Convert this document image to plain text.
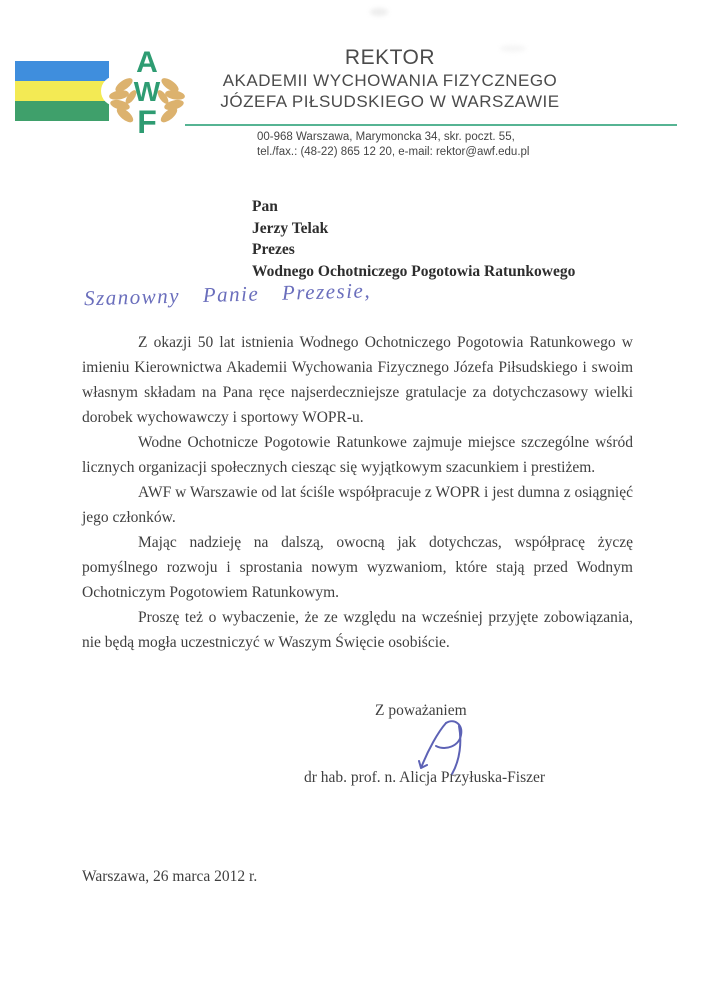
A
W
F
REKTOR
AKADEMII WYCHOWANIA FIZYCZNEGO
JÓZEFA PIŁSUDSKIEGO W WARSZAWIE
00-968 Warszawa, Marymoncka 34, skr. poczt. 55,
tel./fax.: (48-22) 865 12 20, e-mail: rektor@awf.edu.pl
Pan
Jerzy Telak
Prezes
Wodnego Ochotniczego Pogotowia Ratunkowego
Szanowny Panie Prezesie,

Z okazji 50 lat istnienia Wodnego Ochotniczego Pogotowia Ratunkowego w imieniu Kierownictwa Akademii Wychowania Fizycznego Józefa Piłsudskiego i swoim własnym składam na Pana ręce najserdeczniejsze gratulacje za dotychczasowy wielki dorobek wychowawczy i sportowy WOPR-u.

Wodne Ochotnicze Pogotowie Ratunkowe zajmuje miejsce szczególne wśród licznych organizacji społecznych ciesząc się wyjątkowym szacunkiem i prestiżem.

AWF w Warszawie od lat ściśle współpracuje z WOPR i jest dumna z osiągnięć jego członków.

Mając nadzieję na dalszą, owocną jak dotychczas, współpracę życzę pomyślnego rozwoju i sprostania nowym wyzwaniom, które stają przed Wodnym Ochotniczym Pogotowiem Ratunkowym.

Proszę też o wybaczenie, że ze względu na wcześniej przyjęte zobowiązania, nie będą mogła uczestniczyć w Waszym Święcie osobiście.

Z poważaniem
dr hab. prof. n. Alicja Przyłuska-Fiszer
Warszawa, 26 marca 2012 r.
